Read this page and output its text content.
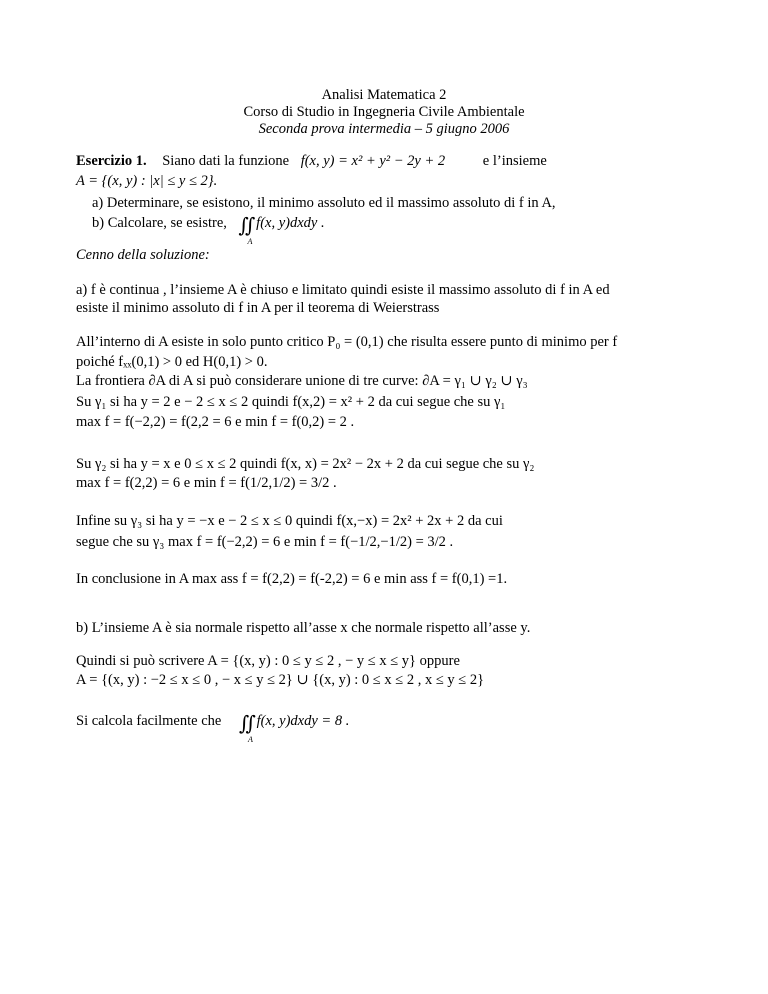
Analisi Matematica 2
Corso di Studio in Ingegneria Civile Ambientale
Seconda prova intermedia – 5 giugno 2006
Esercizio 1. Siano dati la funzione f(x, y) = x² + y² − 2y + 2	e l’insieme
A = {(x, y) : |x| ≤ y ≤ 2}.
a) Determinare, se esistono, il minimo assoluto ed il massimo assoluto di f in A,
b) Calcolare, se esistre, ∬
A
f(x, y)dxdy .
Cenno della soluzione:
a) f è continua , l’insieme A è chiuso e limitato quindi esiste il massimo assoluto di f in A ed
esiste il minimo assoluto di f in A per il teorema di Weierstrass
All’interno di A esiste in solo punto critico P₀ = (0,1) che risulta essere punto di minimo per f
poiché fₓₓ(0,1) > 0 ed H(0,1) > 0.
La frontiera ∂A di A si può considerare unione di tre curve: ∂A = γ₁ ∪ γ₂ ∪ γ₃
Su γ₁ si ha y = 2 e − 2 ≤ x ≤ 2 quindi f(x,2) = x² + 2 da cui segue che su γ₁
max f = f(−2,2) = f(2,2 = 6 e min f = f(0,2) = 2 .
Su γ₂ si ha y = x e 0 ≤ x ≤ 2 quindi f(x, x) = 2x² − 2x + 2 da cui segue che su γ₂
max f = f(2,2) = 6 e min f = f(1/2,1/2) = 3/2 .
Infine su γ₃ si ha y = −x e − 2 ≤ x ≤ 0 quindi f(x,−x) = 2x² + 2x + 2 da cui
segue che su γ₃ max f = f(−2,2) = 6 e min f = f(−1/2,−1/2) = 3/2 .
In conclusione in A max ass f = f(2,2) = f(-2,2) = 6 e min ass f = f(0,1) =1.
b) L’insieme A è sia normale rispetto all’asse x che normale rispetto all’asse y.
Quindi si può scrivere A = {(x, y) : 0 ≤ y ≤ 2 , − y ≤ x ≤ y} oppure
A = {(x, y) : −2 ≤ x ≤ 0 , − x ≤ y ≤ 2} ∪ {(x, y) : 0 ≤ x ≤ 2 , x ≤ y ≤ 2}
Si calcola facilmente che ∬
A
f(x, y)dxdy = 8 .
